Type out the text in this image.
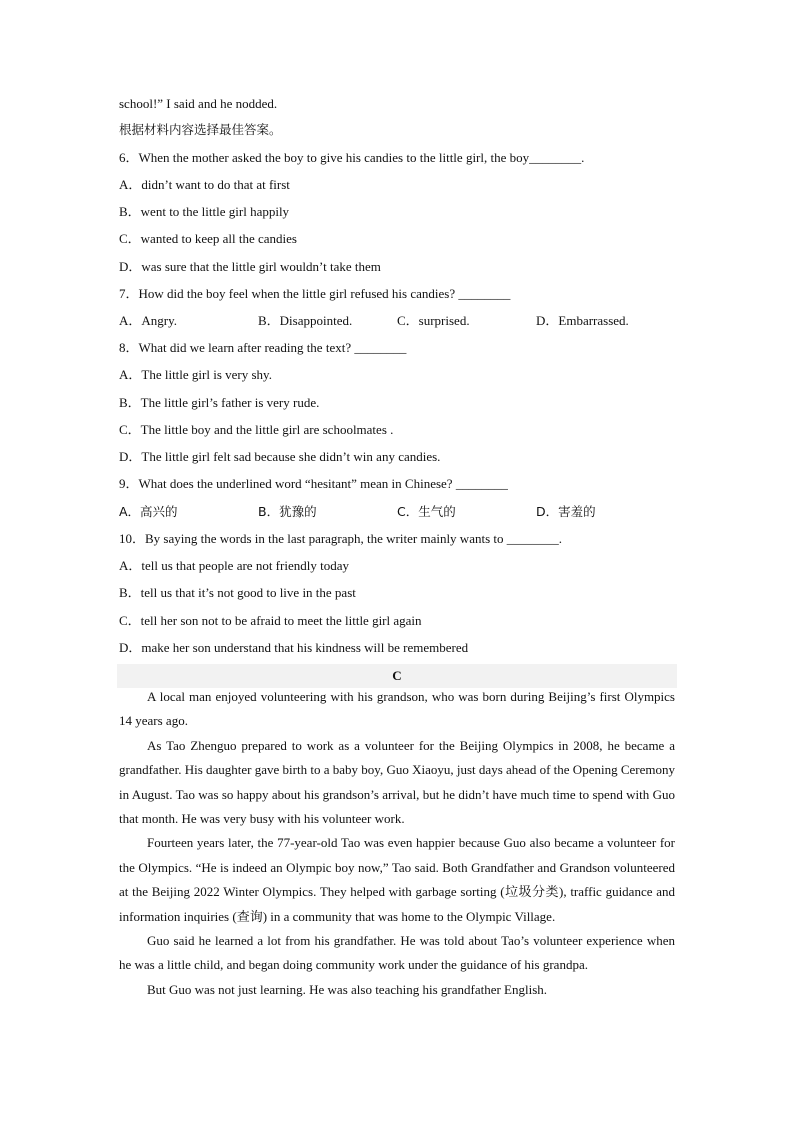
school!” I said and he nodded.
根据材料内容选择最佳答案。
6．When the mother asked the boy to give his candies to the little girl, the boy________.
A．didn’t want to do that at first
B．went to the little girl happily
C．wanted to keep all the candies
D．was sure that the little girl wouldn’t take them
7．How did the boy feel when the little girl refused his candies? ________
A．Angry.	B．Disappointed.	C．surprised.	D．Embarrassed.
8．What did we learn after reading the text? ________
A．The little girl is very shy.
B．The little girl’s father is very rude.
C．The little boy and the little girl are schoolmates .
D．The little girl felt sad because she didn’t win any candies.
9．What does the underlined word “hesitant” mean in Chinese? ________
A．高兴的	B．犹豫的	C．生气的	D．害羞的
10．By saying the words in the last paragraph, the writer mainly wants to ________.
A．tell us that people are not friendly today
B．tell us that it’s not good to live in the past
C．tell her son not to be afraid to meet the little girl again
D．make her son understand that his kindness will be remembered
C

A local man enjoyed volunteering with his grandson, who was born during Beijing’s first Olympics 14 years ago.

As Tao Zhenguo prepared to work as a volunteer for the Beijing Olympics in 2008, he became a grandfather. His daughter gave birth to a baby boy, Guo Xiaoyu, just days ahead of the Opening Ceremony in August. Tao was so happy about his grandson’s arrival, but he didn’t have much time to spend with Guo that month. He was very busy with his volunteer work.

Fourteen years later, the 77-year-old Tao was even happier because Guo also became a volunteer for the Olympics. “He is indeed an Olympic boy now,” Tao said. Both Grandfather and Grandson volunteered at the Beijing 2022 Winter Olympics. They helped with garbage sorting (垃圾分类), traffic guidance and information inquiries (查询) in a community that was home to the Olympic Village.

Guo said he learned a lot from his grandfather. He was told about Tao’s volunteer experience when he was a little child, and began doing community work under the guidance of his grandpa.

But Guo was not just learning. He was also teaching his grandfather English.
